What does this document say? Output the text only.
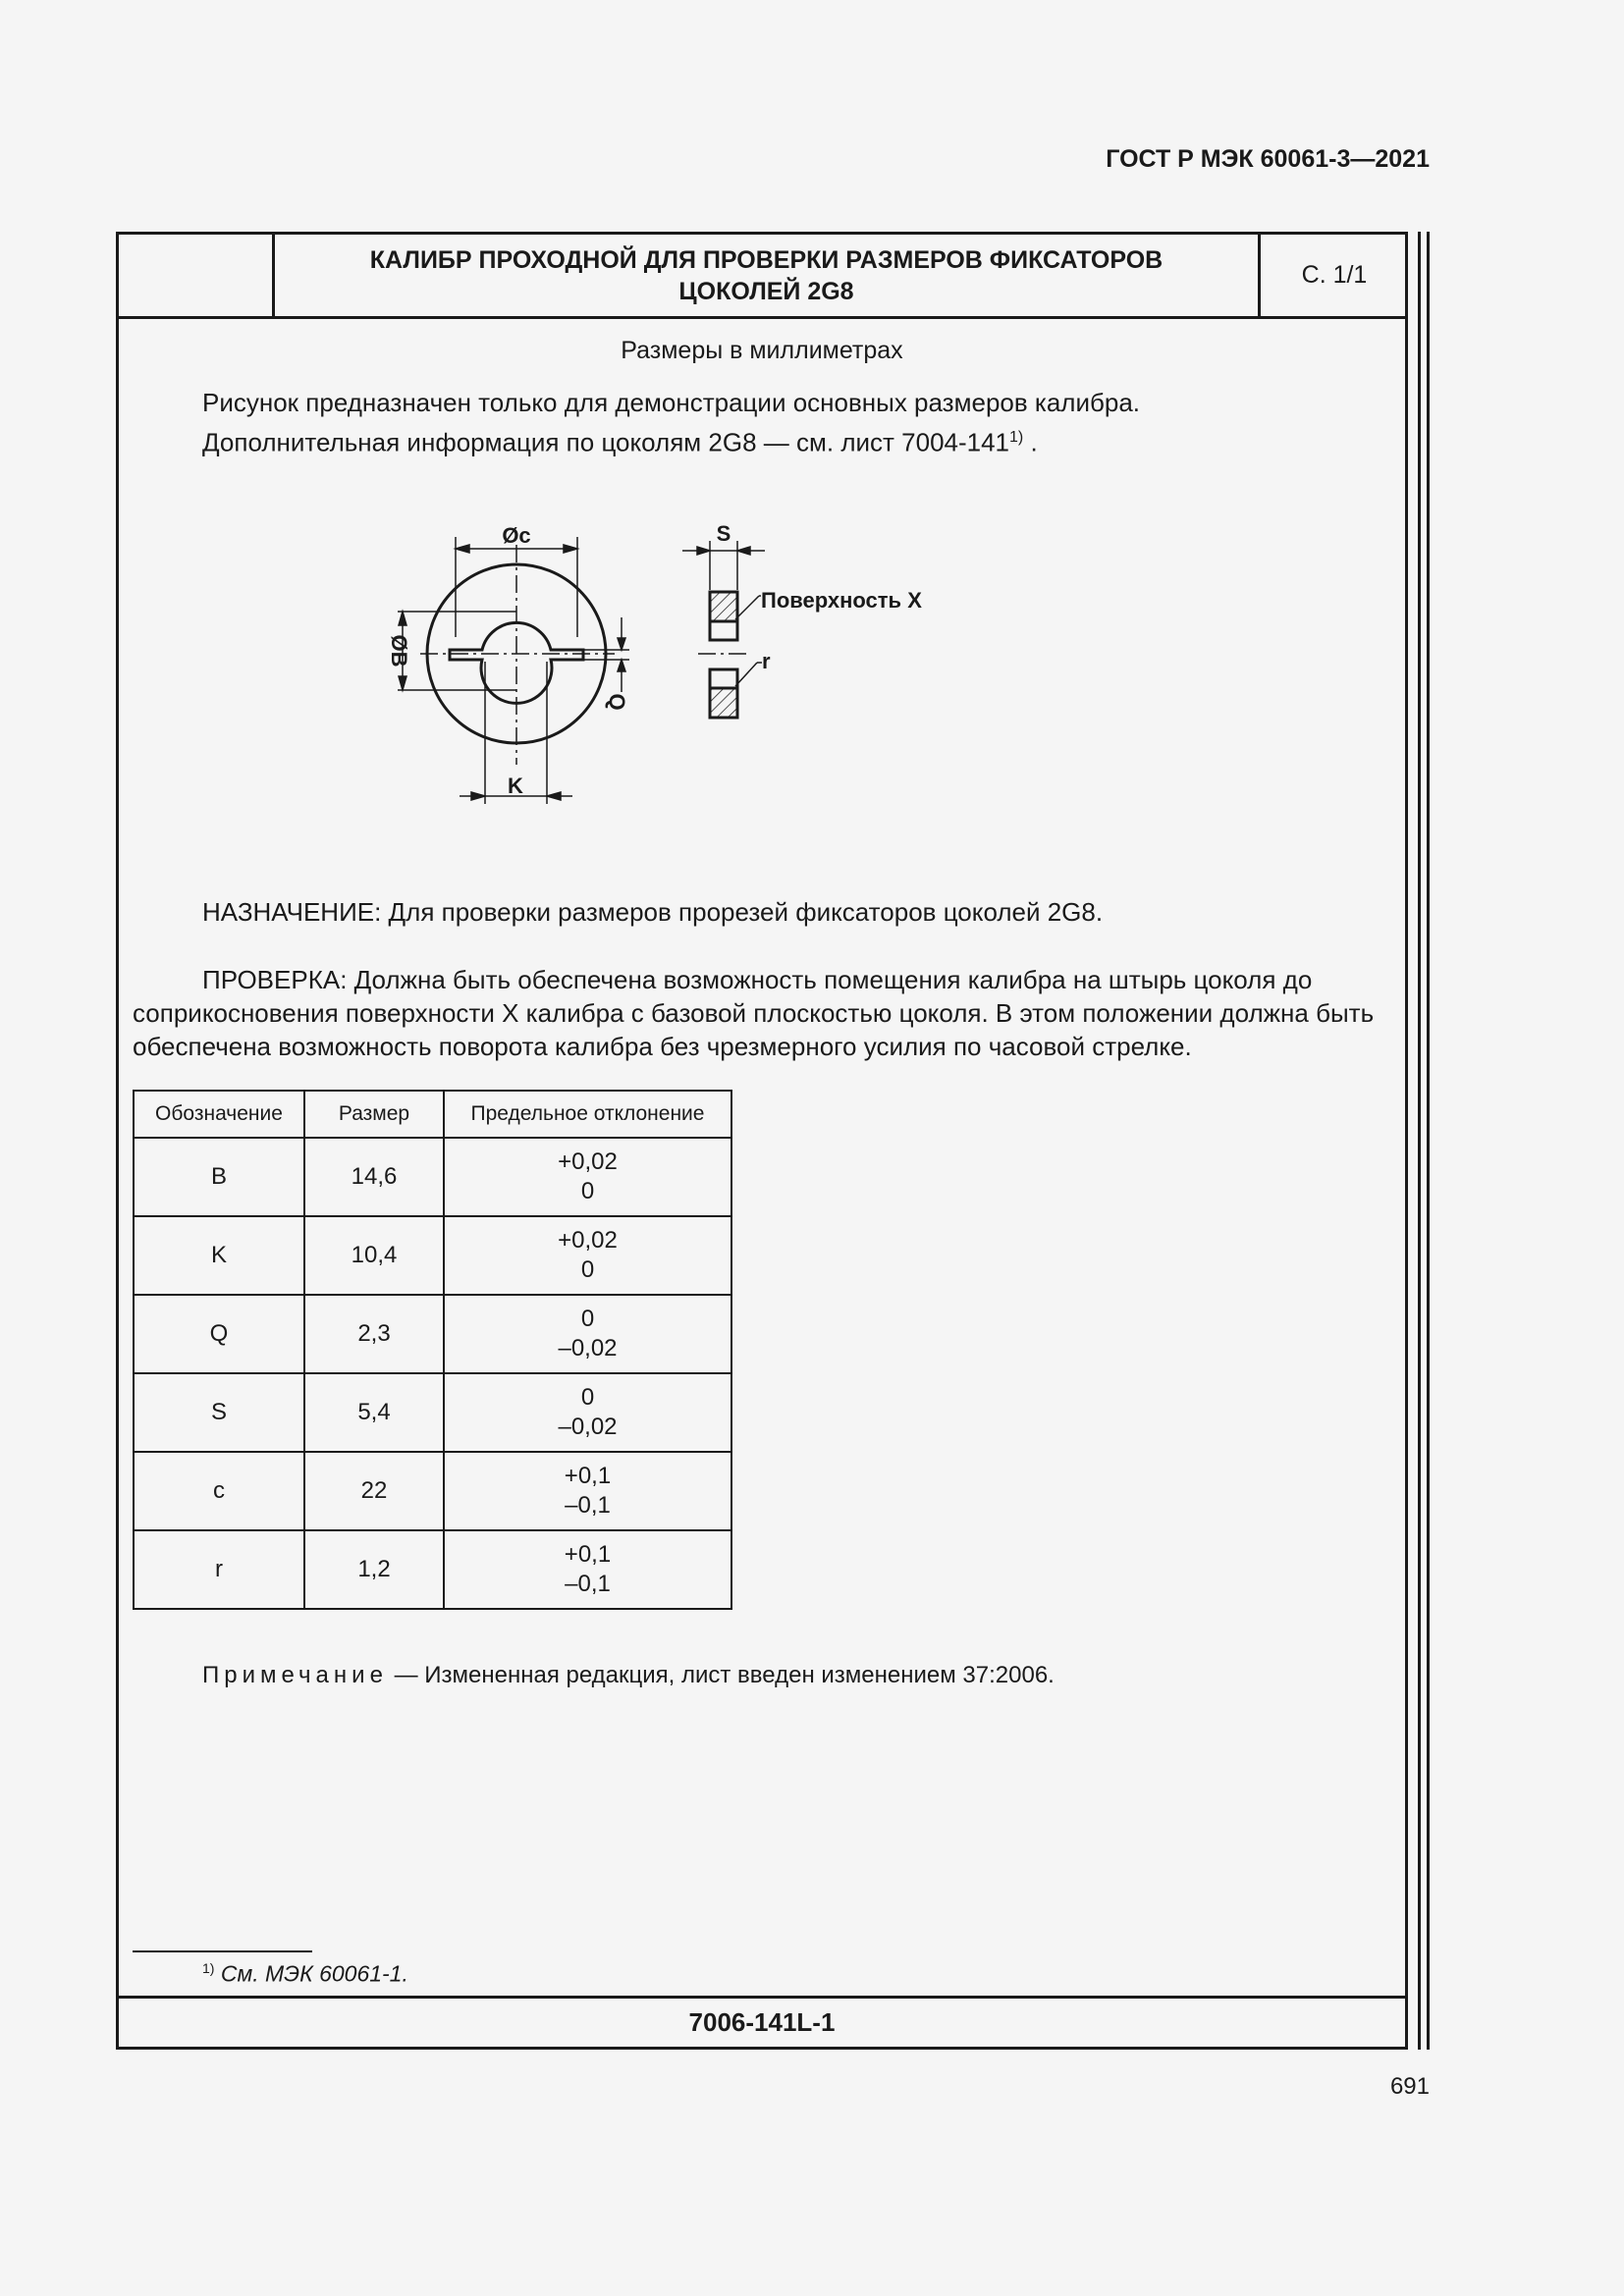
ГОСТ Р МЭК 60061-3—2021
КАЛИБР ПРОХОДНОЙ ДЛЯ ПРОВЕРКИ РАЗМЕРОВ ФИКСАТОРОВ
ЦОКОЛЕЙ 2G8
С. 1/1
Размеры в миллиметрах
Рисунок предназначен только для демонстрации основных размеров калибра.
Дополнительная информация по цоколям 2G8 — см. лист 7004-141$^{1)}$ .
Øc
ØB
Q
K
S
Поверхность X
r
НАЗНАЧЕНИЕ: Для проверки размеров прорезей фиксаторов цоколей 2G8.
ПРОВЕРКА: Должна быть обеспечена возможность помещения калибра на штырь цоколя до соприкосновения поверхности X калибра с базовой плоскостью цоколя. В этом положении должна быть обеспечена возможность поворота калибра без чрезмерного усилия по часовой стрелке.
Обозначение	Размер	Предельное отклонение
B	14,6	+0,02
0

K	10,4	+0,02
0

Q	2,3	0
–0,02

S	5,4	0
–0,02

c	22	+0,1
–0,1

r	1,2	+0,1
–0,1
Примечание — Измененная редакция, лист введен изменением 37:2006.
$^{1)}$ См. МЭК 60061-1.
7006-141L-1
691
